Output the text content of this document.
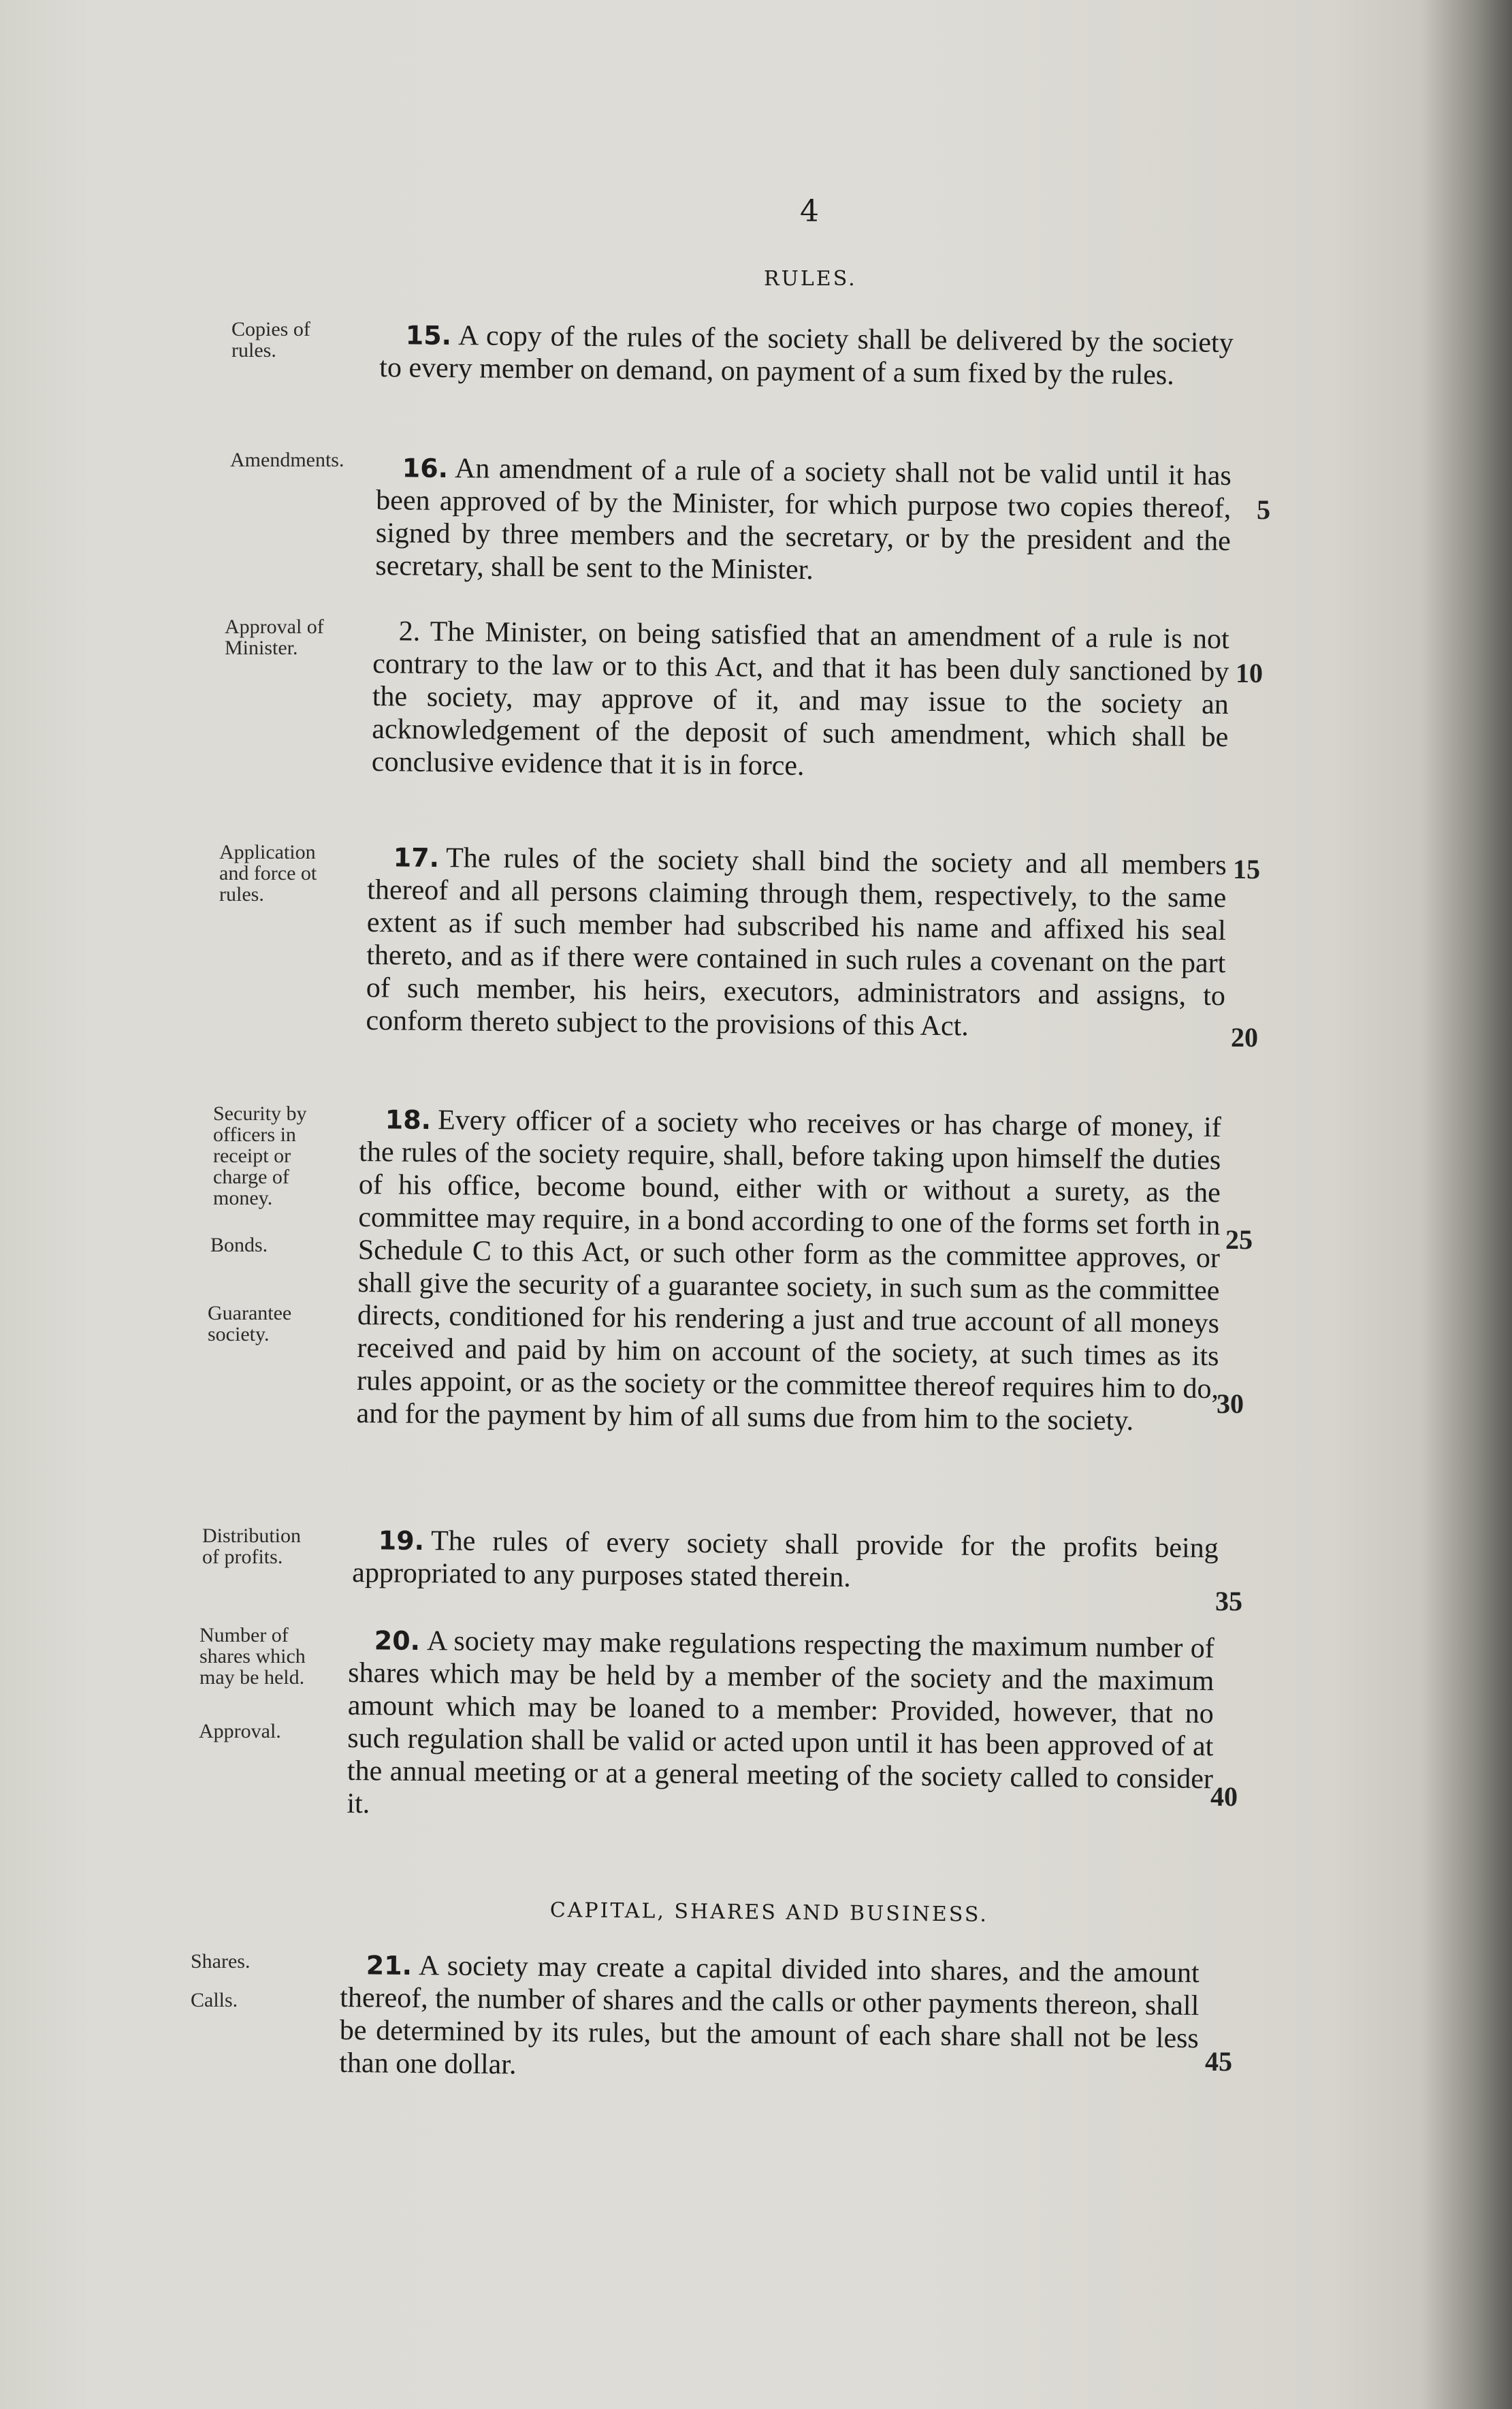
4
RULES.
Copies of
rules.
Amendments.
Approval of
Minister.
Application
and force ot
rules.
Security by
officers in
receipt or
charge of
money.
Bonds.
Guarantee
society.
Distribution
of profits.
Number of
shares which
may be held.
Approval.
Shares.
Calls.

15. A copy of the rules of the society shall be delivered by the society to every member on demand, on payment of a sum fixed by the rules.

16. An amendment of a rule of a society shall not be valid until it has been approved of by the Minister, for which purpose two copies thereof, signed by three members and the secretary, or by the president and the secretary, shall be sent to the Minister.

2. The Minister, on being satisfied that an amendment of a rule is not contrary to the law or to this Act, and that it has been duly sanctioned by the society, may approve of it, and may issue to the society an acknowledgement of the deposit of such amendment, which shall be conclusive evidence that it is in force.

17. The rules of the society shall bind the society and all members thereof and all persons claiming through them, respectively, to the same extent as if such member had subscribed his name and affixed his seal thereto, and as if there were contained in such rules a covenant on the part of such member, his heirs, executors, administrators and assigns, to conform thereto subject to the provisions of this Act.

18. Every officer of a society who receives or has charge of money, if the rules of the society require, shall, before taking upon himself the duties of his office, become bound, either with or without a surety, as the committee may require, in a bond according to one of the forms set forth in Schedule C to this Act, or such other form as the committee approves, or shall give the security of a guarantee society, in such sum as the committee directs, conditioned for his rendering a just and true account of all moneys received and paid by him on account of the society, at such times as its rules appoint, or as the society or the committee thereof requires him to do, and for the payment by him of all sums due from him to the society.

19. The rules of every society shall provide for the profits being appropriated to any purposes stated therein.

20. A society may make regulations respecting the maximum number of shares which may be held by a member of the society and the maximum amount which may be loaned to a member: Provided, however, that no such regulation shall be valid or acted upon until it has been approved of at the annual meeting or at a general meeting of the society called to consider it.

CAPITAL, SHARES AND BUSINESS.

21. A society may create a capital divided into shares, and the amount thereof, the number of shares and the calls or other payments thereon, shall be determined by its rules, but the amount of each share shall not be less than one dollar.

5
10
15
20
25
30
35
40
45
